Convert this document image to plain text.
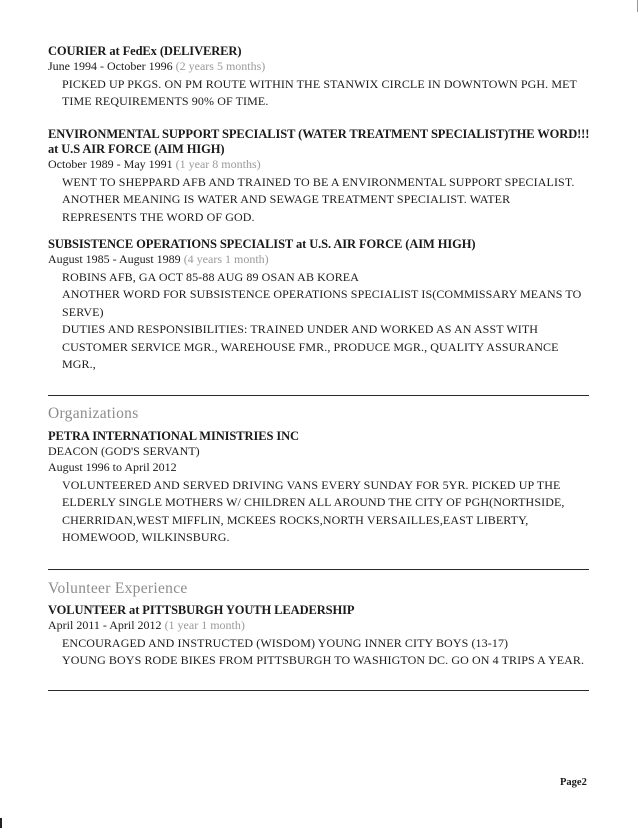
COURIER at FedEx (DELIVERER)
June 1994 - October 1996 (2 years 5 months)

PICKED UP PKGS. ON PM ROUTE WITHIN THE STANWIX CIRCLE IN DOWNTOWN PGH. MET

TIME REQUIREMENTS 90% OF TIME.

ENVIRONMENTAL SUPPORT SPECIALIST (WATER TREATMENT SPECIALIST)THE WORD!!!
at U.S AIR FORCE (AIM HIGH)
October 1989 - May 1991 (1 year 8 months)

WENT TO SHEPPARD AFB AND TRAINED TO BE A ENVIRONMENTAL SUPPORT SPECIALIST.

ANOTHER MEANING IS WATER AND SEWAGE TREATMENT SPECIALIST. WATER

REPRESENTS THE WORD OF GOD.

SUBSISTENCE OPERATIONS SPECIALIST at U.S. AIR FORCE (AIM HIGH)
August 1985 - August 1989 (4 years 1 month)

ROBINS AFB, GA OCT 85-88 AUG 89 OSAN AB KOREA

ANOTHER WORD FOR SUBSISTENCE OPERATIONS SPECIALIST IS(COMMISSARY MEANS TO

SERVE)

DUTIES AND RESPONSIBILITIES: TRAINED UNDER AND WORKED AS AN ASST WITH

CUSTOMER SERVICE MGR., WAREHOUSE FMR., PRODUCE MGR., QUALITY ASSURANCE

MGR.,

Organizations
PETRA INTERNATIONAL MINISTRIES INC
DEACON (GOD'S SERVANT)
August 1996 to April 2012

VOLUNTEERED AND SERVED DRIVING VANS EVERY SUNDAY FOR 5YR. PICKED UP THE

ELDERLY SINGLE MOTHERS W/ CHILDREN ALL AROUND THE CITY OF PGH(NORTHSIDE,

CHERRIDAN,WEST MIFFLIN, MCKEES ROCKS,NORTH VERSAILLES,EAST LIBERTY,

HOMEWOOD, WILKINSBURG.

Volunteer Experience
VOLUNTEER at PITTSBURGH YOUTH LEADERSHIP
April 2011 - April 2012 (1 year 1 month)

ENCOURAGED AND INSTRUCTED (WISDOM) YOUNG INNER CITY BOYS (13-17)

YOUNG BOYS RODE BIKES FROM PITTSBURGH TO WASHIGTON DC. GO ON 4 TRIPS A YEAR.

Page2
